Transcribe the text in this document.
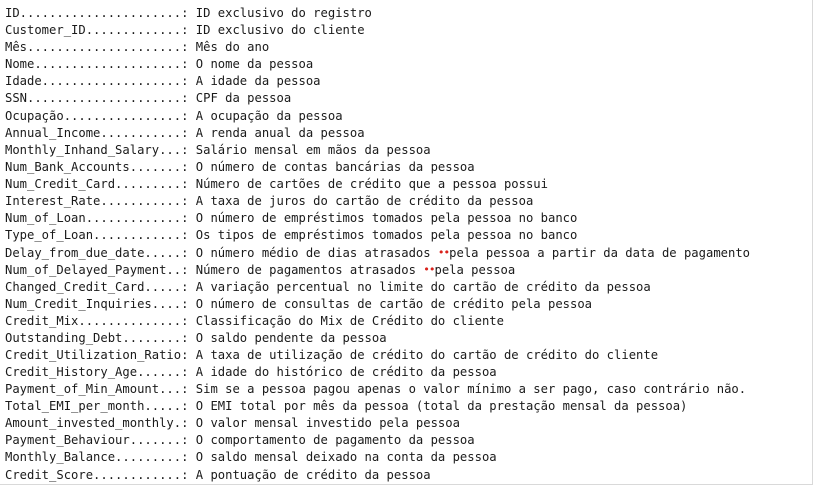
ID......................: ID exclusivo do registro
Customer_ID.............: ID exclusivo do cliente
Mês.....................: Mês do ano
Nome....................: O nome da pessoa
Idade...................: A idade da pessoa
SSN.....................: CPF da pessoa
Ocupação................: A ocupação da pessoa
Annual_Income...........: A renda anual da pessoa
Monthly_Inhand_Salary...: Salário mensal em mãos da pessoa
Num_Bank_Accounts.......: O número de contas bancárias da pessoa
Num_Credit_Card.........: Número de cartões de crédito que a pessoa possui
Interest_Rate...........: A taxa de juros do cartão de crédito da pessoa
Num_of_Loan.............: O número de empréstimos tomados pela pessoa no banco
Type_of_Loan............: Os tipos de empréstimos tomados pela pessoa no banco
Delay_from_due_date.....: O número médio de dias atrasados ••pela pessoa a partir da data de pagamento
Num_of_Delayed_Payment..: Número de pagamentos atrasados ••pela pessoa
Changed_Credit_Card.....: A variação percentual no limite do cartão de crédito da pessoa
Num_Credit_Inquiries....: O número de consultas de cartão de crédito pela pessoa
Credit_Mix..............: Classificação do Mix de Crédito do cliente
Outstanding_Debt........: O saldo pendente da pessoa
Credit_Utilization_Ratio: A taxa de utilização de crédito do cartão de crédito do cliente
Credit_History_Age......: A idade do histórico de crédito da pessoa
Payment_of_Min_Amount...: Sim se a pessoa pagou apenas o valor mínimo a ser pago, caso contrário não.
Total_EMI_per_month.....: O EMI total por mês da pessoa (total da prestação mensal da pessoa)
Amount_invested_monthly.: O valor mensal investido pela pessoa
Payment_Behaviour.......: O comportamento de pagamento da pessoa
Monthly_Balance.........: O saldo mensal deixado na conta da pessoa
Credit_Score............: A pontuação de crédito da pessoa
